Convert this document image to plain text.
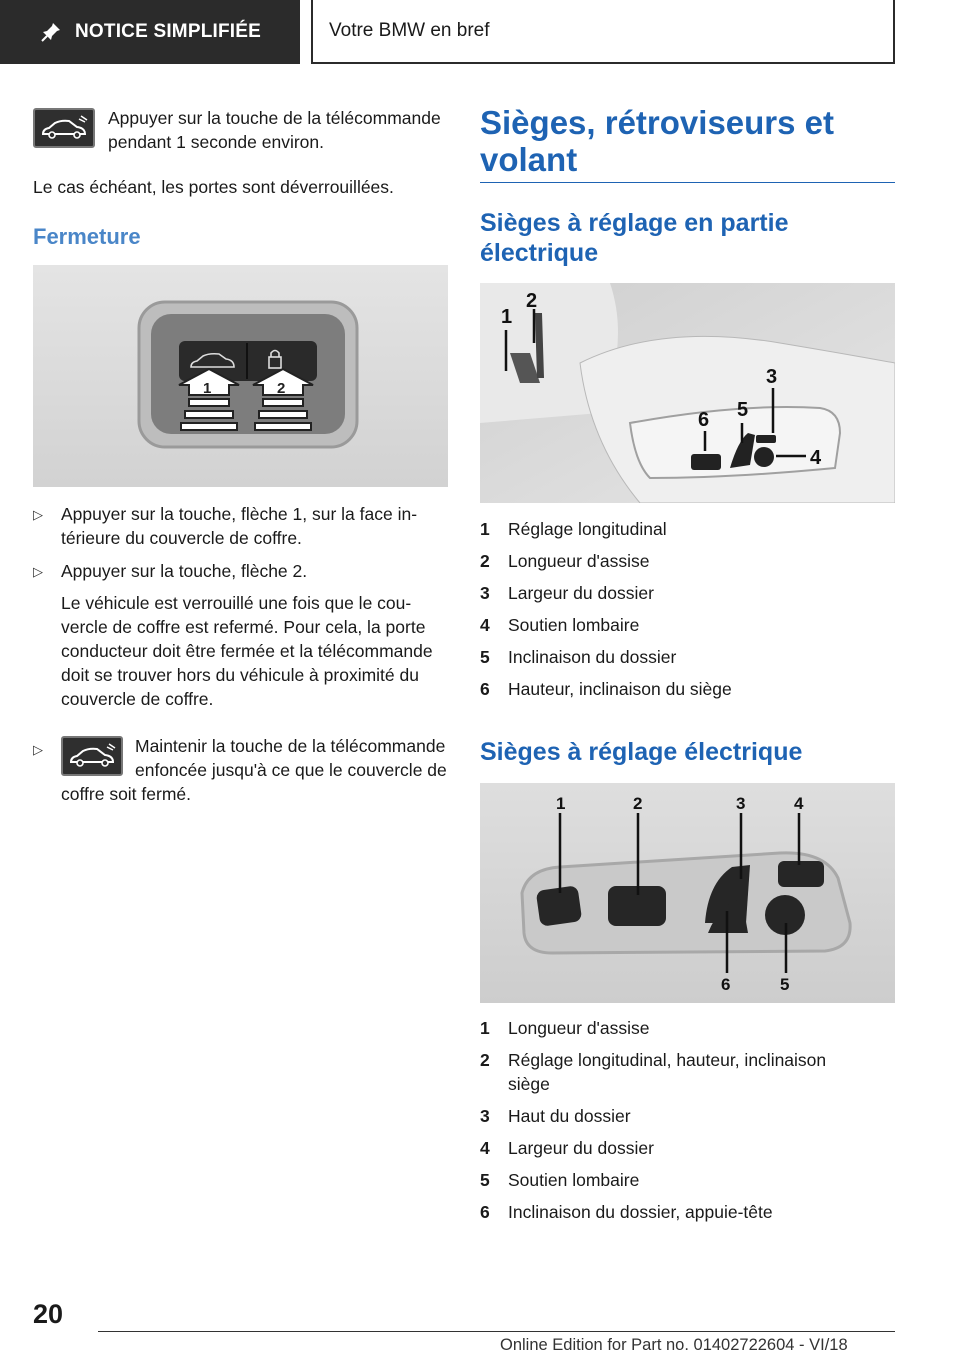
NOTICE SIMPLIFIÉE	Votre BMW en bref

Appuyer sur la touche de la télécommande pendant 1 seconde environ.

Le cas échéant, les portes sont déverrouillées.

Fermeture
1	2
▷	Appuyer sur la touche, flèche 1, sur la face intérieure du couvercle de coffre.
▷	Appuyer sur la touche, flèche 2.

Le véhicule est verrouillé une fois que le couvercle de coffre est refermé. Pour cela, la porte conducteur doit être fermée et la télécommande doit se trouver hors du véhicule à proximité du couvercle de coffre.

▷	Maintenir la touche de la télécommande enfoncée jusqu'à ce que le couvercle de coffre soit fermé.
Sièges, rétroviseurs et volant
Sièges à réglage en partie électrique
1
2
3
4
5
6
1	Réglage longitudinal
2	Longueur d'assise
3	Largeur du dossier
4	Soutien lombaire
5	Inclinaison du dossier
6	Hauteur, inclinaison du siège
Sièges à réglage électrique
1	2	3	4
6	5
1	Longueur d'assise
2	Réglage longitudinal, hauteur, inclinaison siège
3	Haut du dossier
4	Largeur du dossier
5	Soutien lombaire
6	Inclinaison du dossier, appuie-tête
20
Online Edition for Part no. 01402722604 - VI/18
